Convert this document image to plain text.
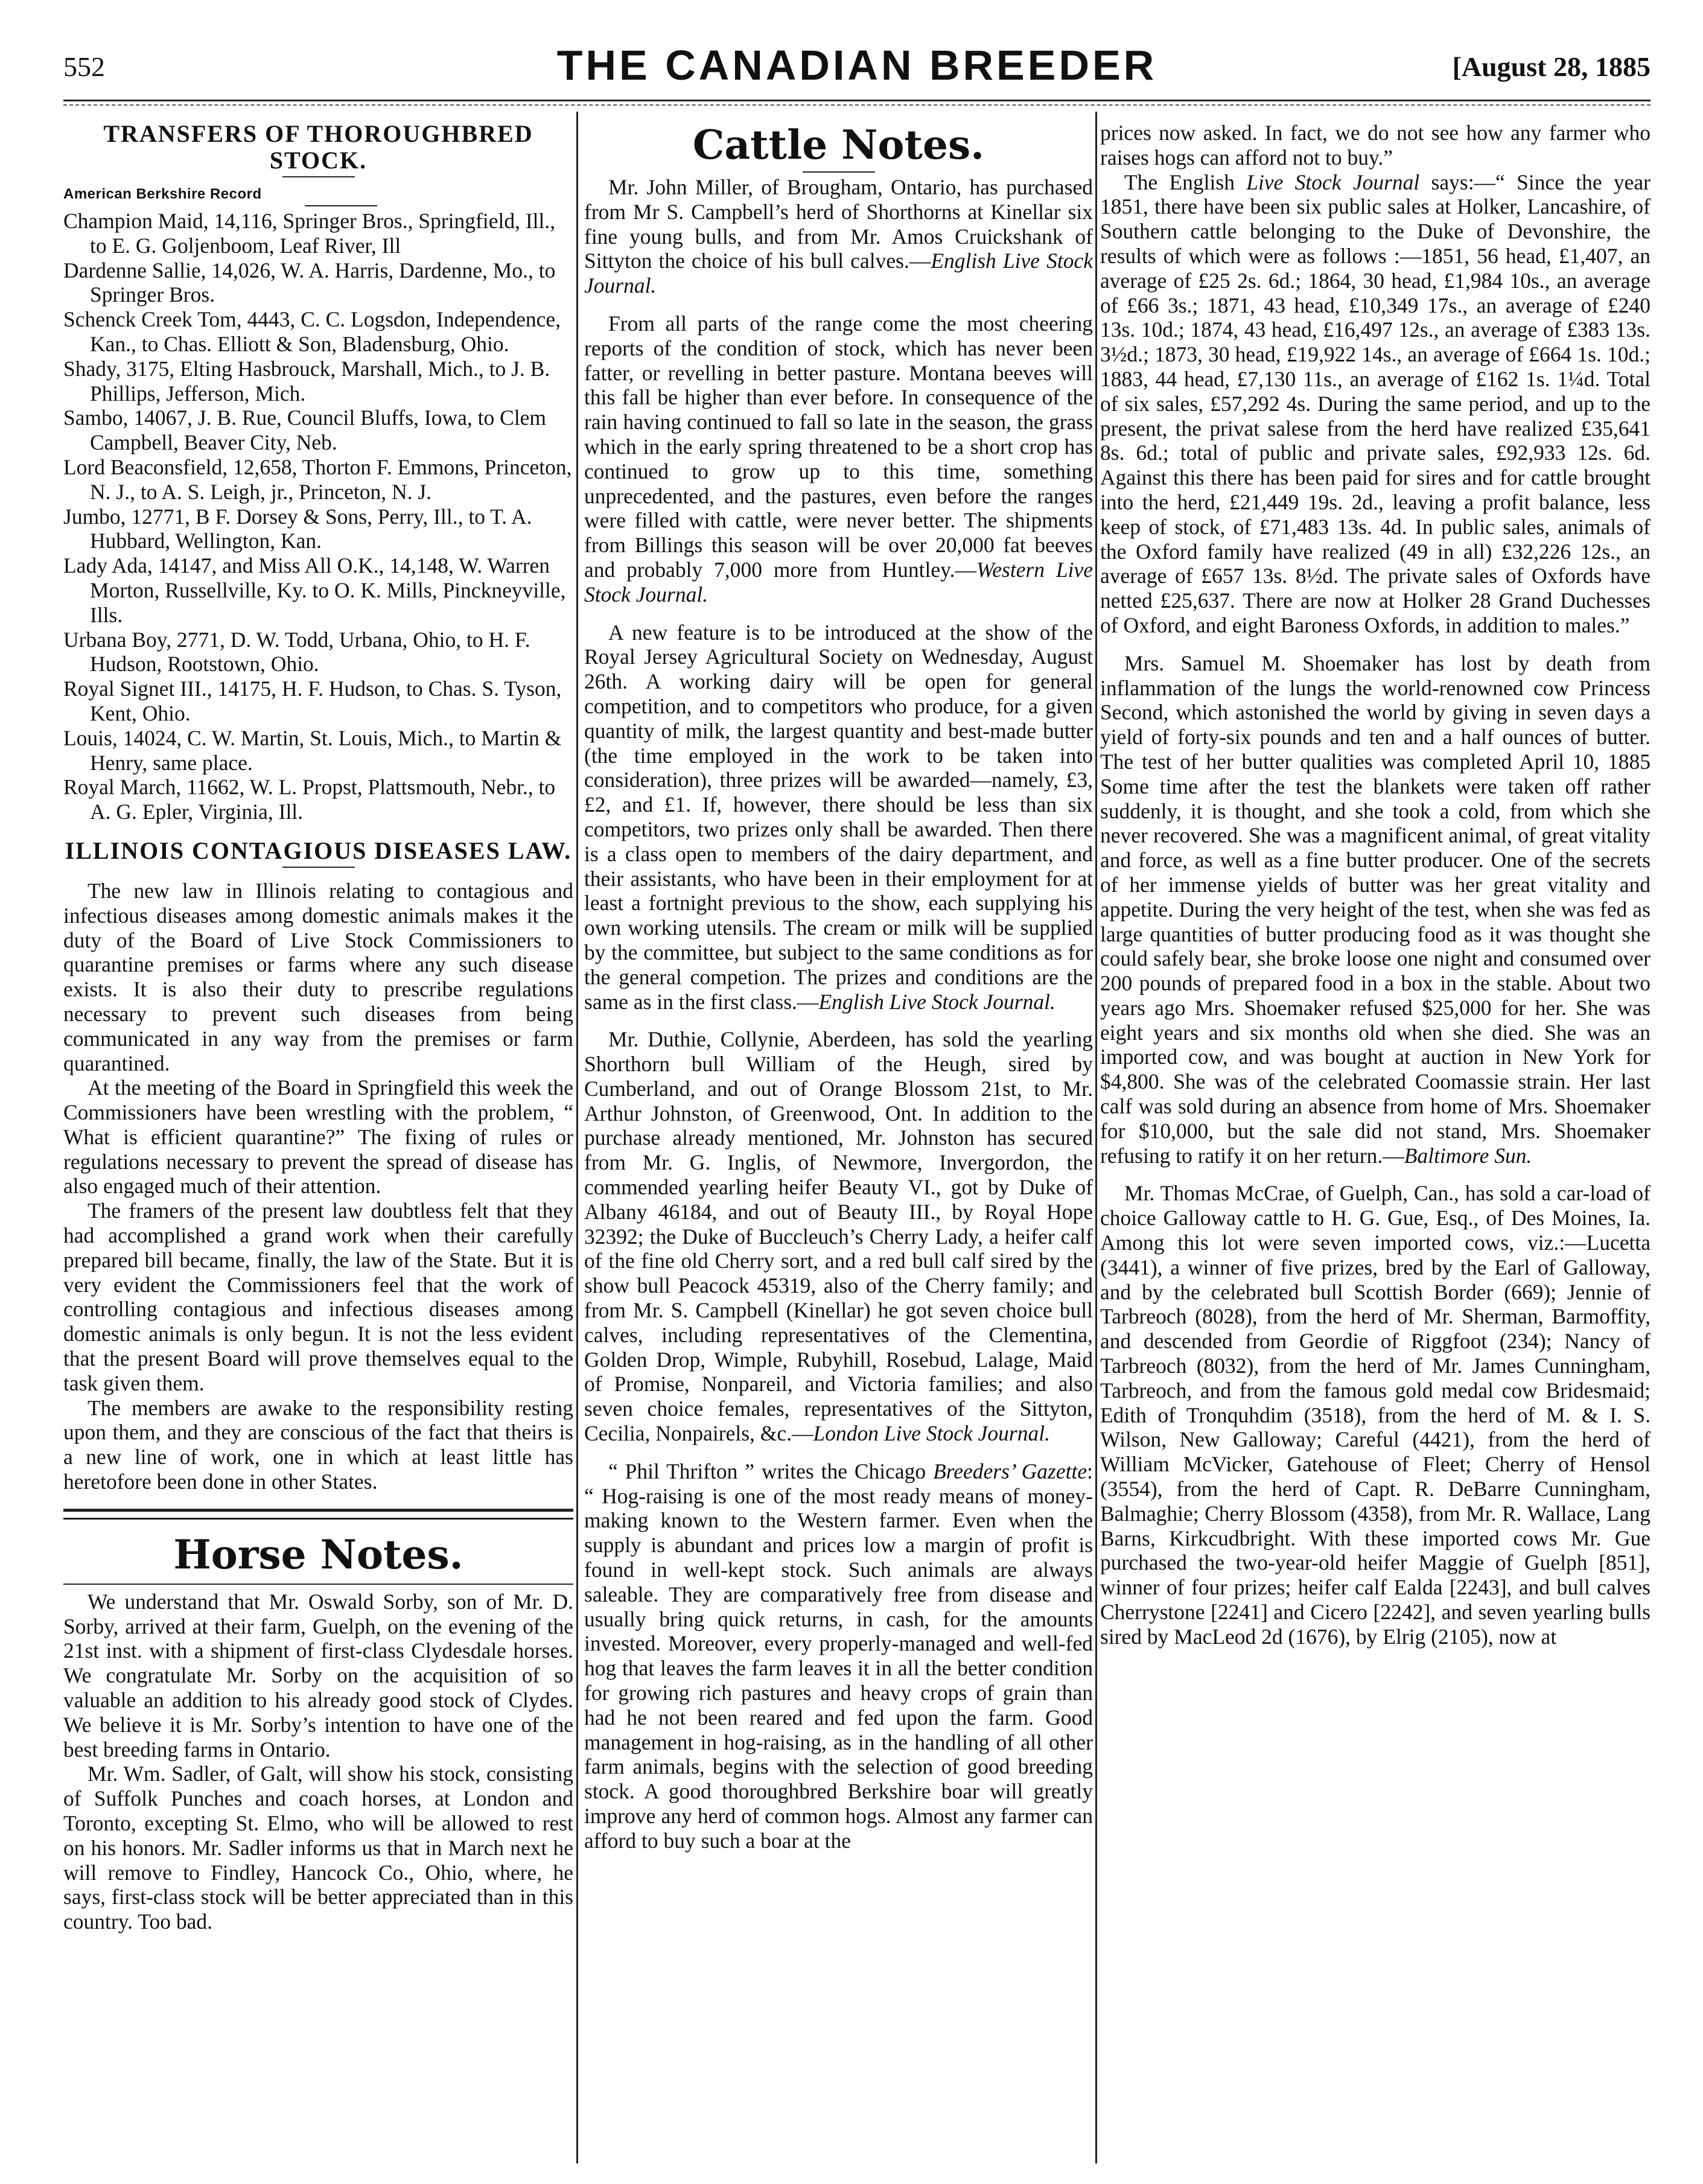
552	THE CANADIAN BREEDER	[August 28, 1885
TRANSFERS OF THOROUGHBRED STOCK.
American Berkshire Record

Champion Maid, 14,116, Springer Bros., Springfield, Ill., to E. G. Goljenboom, Leaf River, Ill

Dardenne Sallie, 14,026, W. A. Harris, Dardenne, Mo., to Springer Bros.

Schenck Creek Tom, 4443, C. C. Logsdon, Independence, Kan., to Chas. Elliott & Son, Bladensburg, Ohio.

Shady, 3175, Elting Hasbrouck, Marshall, Mich., to J. B. Phillips, Jefferson, Mich.

Sambo, 14067, J. B. Rue, Council Bluffs, Iowa, to Clem Campbell, Beaver City, Neb.

Lord Beaconsfield, 12,658, Thorton F. Emmons, Princeton, N. J., to A. S. Leigh, jr., Princeton, N. J.

Jumbo, 12771, B F. Dorsey & Sons, Perry, Ill., to T. A. Hubbard, Wellington, Kan.

Lady Ada, 14147, and Miss All O.K., 14,148, W. Warren Morton, Russellville, Ky. to O. K. Mills, Pinckneyville, Ills.

Urbana Boy, 2771, D. W. Todd, Urbana, Ohio, to H. F. Hudson, Rootstown, Ohio.

Royal Signet III., 14175, H. F. Hudson, to Chas. S. Tyson, Kent, Ohio.

Louis, 14024, C. W. Martin, St. Louis, Mich., to Martin & Henry, same place.

Royal March, 11662, W. L. Propst, Plattsmouth, Nebr., to A. G. Epler, Virginia, Ill.

ILLINOIS CONTAGIOUS DISEASES LAW.

The new law in Illinois relating to contagious and infectious diseases among domestic animals makes it the duty of the Board of Live Stock Commissioners to quarantine premises or farms where any such disease exists. It is also their duty to prescribe regulations necessary to prevent such diseases from being communicated in any way from the premises or farm quarantined.

At the meeting of the Board in Springfield this week the Commissioners have been wrestling with the problem, “ What is efficient quarantine?” The fixing of rules or regulations necessary to prevent the spread of disease has also engaged much of their attention.

The framers of the present law doubtless felt that they had accomplished a grand work when their carefully prepared bill became, finally, the law of the State. But it is very evident the Commissioners feel that the work of controlling contagious and infectious diseases among domestic animals is only begun. It is not the less evident that the present Board will prove themselves equal to the task given them.

The members are awake to the responsibility resting upon them, and they are conscious of the fact that theirs is a new line of work, one in which at least little has heretofore been done in other States.

Horse Notes.

We understand that Mr. Oswald Sorby, son of Mr. D. Sorby, arrived at their farm, Guelph, on the evening of the 21st inst. with a shipment of first-class Clydesdale horses. We congratulate Mr. Sorby on the acquisition of so valuable an addition to his already good stock of Clydes. We believe it is Mr. Sorby’s intention to have one of the best breeding farms in Ontario.

Mr. Wm. Sadler, of Galt, will show his stock, consisting of Suffolk Punches and coach horses, at London and Toronto, excepting St. Elmo, who will be allowed to rest on his honors. Mr. Sadler informs us that in March next he will remove to Findley, Hancock Co., Ohio, where, he says, first-class stock will be better appreciated than in this country. Too bad.

Cattle Notes.

Mr. John Miller, of Brougham, Ontario, has purchased from Mr S. Campbell’s herd of Shorthorns at Kinellar six fine young bulls, and from Mr. Amos Cruickshank of Sittyton the choice of his bull calves.—English Live Stock Journal.

From all parts of the range come the most cheering reports of the condition of stock, which has never been fatter, or revelling in better pasture. Montana beeves will this fall be higher than ever before. In consequence of the rain having continued to fall so late in the season, the grass which in the early spring threatened to be a short crop has continued to grow up to this time, something unprecedented, and the pastures, even before the ranges were filled with cattle, were never better. The shipments from Billings this season will be over 20,000 fat beeves and probably 7,000 more from Huntley.—Western Live Stock Journal.

A new feature is to be introduced at the show of the Royal Jersey Agricultural Society on Wednesday, August 26th. A working dairy will be open for general competition, and to competitors who produce, for a given quantity of milk, the largest quantity and best-made butter (the time employed in the work to be taken into consideration), three prizes will be awarded—namely, £3, £2, and £1. If, however, there should be less than six competitors, two prizes only shall be awarded. Then there is a class open to members of the dairy department, and their assistants, who have been in their employment for at least a fortnight previous to the show, each supplying his own working utensils. The cream or milk will be supplied by the committee, but subject to the same conditions as for the general competion. The prizes and conditions are the same as in the first class.—English Live Stock Journal.

Mr. Duthie, Collynie, Aberdeen, has sold the yearling Shorthorn bull William of the Heugh, sired by Cumberland, and out of Orange Blossom 21st, to Mr. Arthur Johnston, of Greenwood, Ont. In addition to the purchase already mentioned, Mr. Johnston has secured from Mr. G. Inglis, of Newmore, Invergordon, the commended yearling heifer Beauty VI., got by Duke of Albany 46184, and out of Beauty III., by Royal Hope 32392; the Duke of Buccleuch’s Cherry Lady, a heifer calf of the fine old Cherry sort, and a red bull calf sired by the show bull Peacock 45319, also of the Cherry family; and from Mr. S. Campbell (Kinellar) he got seven choice bull calves, including representatives of the Clementina, Golden Drop, Wimple, Rubyhill, Rosebud, Lalage, Maid of Promise, Nonpareil, and Victoria families; and also seven choice females, representatives of the Sittyton, Cecilia, Nonpairels, &c.—London Live Stock Journal.

“ Phil Thrifton ” writes the Chicago Breeders’ Gazette: “ Hog-raising is one of the most ready means of money-making known to the Western farmer. Even when the supply is abundant and prices low a margin of profit is found in well-kept stock. Such animals are always saleable. They are comparatively free from disease and usually bring quick returns, in cash, for the amounts invested. Moreover, every properly-managed and well-fed hog that leaves the farm leaves it in all the better condition for growing rich pastures and heavy crops of grain than had he not been reared and fed upon the farm. Good management in hog-raising, as in the handling of all other farm animals, begins with the selection of good breeding stock. A good thoroughbred Berkshire boar will greatly improve any herd of common hogs. Almost any farmer can afford to buy such a boar at the

prices now asked. In fact, we do not see how any farmer who raises hogs can afford not to buy.”

The English Live Stock Journal says:—“ Since the year 1851, there have been six public sales at Holker, Lancashire, of Southern cattle belonging to the Duke of Devonshire, the results of which were as follows :—1851, 56 head, £1,407, an average of £25 2s. 6d.; 1864, 30 head, £1,984 10s., an average of £66 3s.; 1871, 43 head, £10,349 17s., an average of £240 13s. 10d.; 1874, 43 head, £16,497 12s., an average of £383 13s. 3½d.; 1873, 30 head, £19,922 14s., an average of £664 1s. 10d.; 1883, 44 head, £7,130 11s., an average of £162 1s. 1¼d. Total of six sales, £57,292 4s. During the same period, and up to the present, the privat salese from the herd have realized £35,641 8s. 6d.; total of public and private sales, £92,933 12s. 6d. Against this there has been paid for sires and for cattle brought into the herd, £21,449 19s. 2d., leaving a profit balance, less keep of stock, of £71,483 13s. 4d. In public sales, animals of the Oxford family have realized (49 in all) £32,226 12s., an average of £657 13s. 8½d. The private sales of Oxfords have netted £25,637. There are now at Holker 28 Grand Duchesses of Oxford, and eight Baroness Oxfords, in addition to males.”

Mrs. Samuel M. Shoemaker has lost by death from inflammation of the lungs the world-renowned cow Princess Second, which astonished the world by giving in seven days a yield of forty-six pounds and ten and a half ounces of butter. The test of her butter qualities was completed April 10, 1885 Some time after the test the blankets were taken off rather suddenly, it is thought, and she took a cold, from which she never recovered. She was a magnificent animal, of great vitality and force, as well as a fine butter producer. One of the secrets of her immense yields of butter was her great vitality and appetite. During the very height of the test, when she was fed as large quantities of butter producing food as it was thought she could safely bear, she broke loose one night and consumed over 200 pounds of prepared food in a box in the stable. About two years ago Mrs. Shoemaker refused $25,000 for her. She was eight years and six months old when she died. She was an imported cow, and was bought at auction in New York for $4,800. She was of the celebrated Coomassie strain. Her last calf was sold during an absence from home of Mrs. Shoemaker for $10,000, but the sale did not stand, Mrs. Shoemaker refusing to ratify it on her return.—Baltimore Sun.

Mr. Thomas McCrae, of Guelph, Can., has sold a car-load of choice Galloway cattle to H. G. Gue, Esq., of Des Moines, Ia. Among this lot were seven imported cows, viz.:—Lucetta (3441), a winner of five prizes, bred by the Earl of Galloway, and by the celebrated bull Scottish Border (669); Jennie of Tarbreoch (8028), from the herd of Mr. Sherman, Barmoffity, and descended from Geordie of Riggfoot (234); Nancy of Tarbreoch (8032), from the herd of Mr. James Cunningham, Tarbreoch, and from the famous gold medal cow Bridesmaid; Edith of Tronquhdim (3518), from the herd of M. & I. S. Wilson, New Galloway; Careful (4421), from the herd of William McVicker, Gatehouse of Fleet; Cherry of Hensol (3554), from the herd of Capt. R. DeBarre Cunningham, Balmaghie; Cherry Blossom (4358), from Mr. R. Wallace, Lang Barns, Kirkcudbright. With these imported cows Mr. Gue purchased the two-year-old heifer Maggie of Guelph [851], winner of four prizes; heifer calf Ealda [2243], and bull calves Cherrystone [2241] and Cicero [2242], and seven yearling bulls sired by MacLeod 2d (1676), by Elrig (2105), now at
